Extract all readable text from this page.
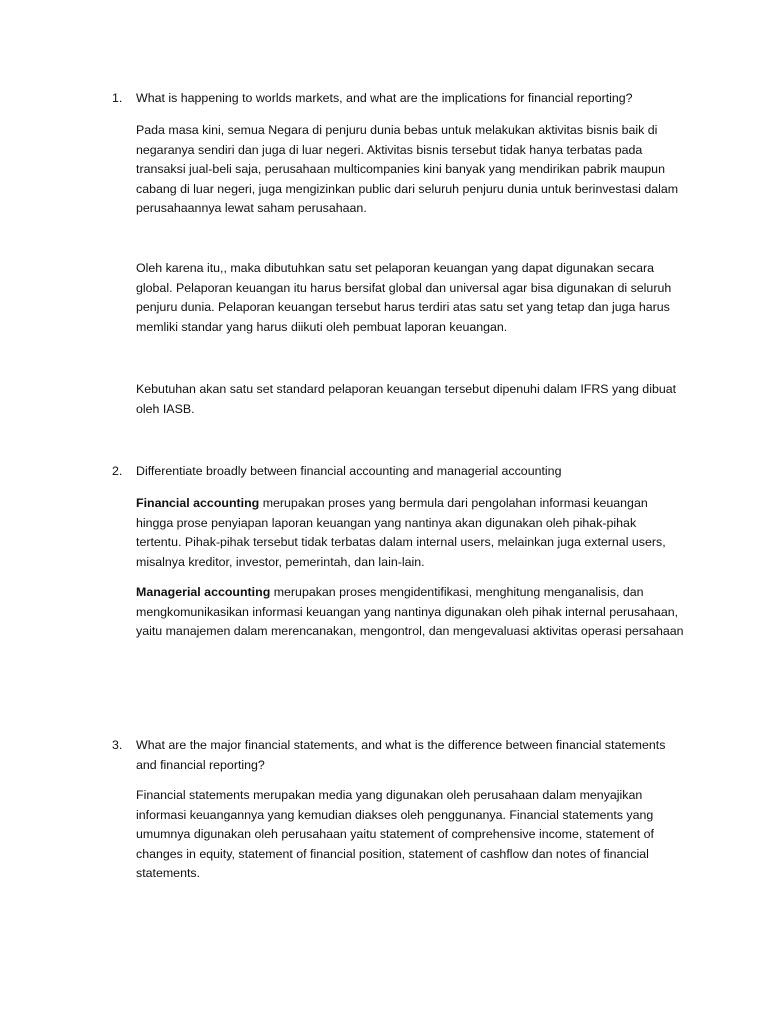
1. What is happening to worlds markets, and what are the implications for financial reporting?

Pada masa kini, semua Negara di penjuru dunia bebas untuk melakukan aktivitas bisnis baik di negaranya sendiri dan juga di luar negeri. Aktivitas bisnis tersebut tidak hanya terbatas pada transaksi jual-beli saja, perusahaan multicompanies kini banyak yang mendirikan pabrik maupun cabang di luar negeri, juga mengizinkan public dari seluruh penjuru dunia untuk berinvestasi dalam perusahaannya lewat saham perusahaan.

Oleh karena itu,, maka dibutuhkan satu set pelaporan keuangan yang dapat digunakan secara global. Pelaporan keuangan itu harus bersifat global dan universal agar bisa digunakan di seluruh penjuru dunia. Pelaporan keuangan tersebut harus terdiri atas satu set yang tetap dan juga harus memliki standar yang harus diikuti oleh pembuat laporan keuangan.

Kebutuhan akan satu set standard pelaporan keuangan tersebut dipenuhi dalam IFRS yang dibuat oleh IASB.

2. Differentiate broadly between financial accounting and managerial accounting

Financial accounting merupakan proses yang bermula dari pengolahan informasi keuangan hingga prose penyiapan laporan keuangan yang nantinya akan digunakan oleh pihak-pihak tertentu. Pihak-pihak tersebut tidak terbatas dalam internal users, melainkan juga external users, misalnya kreditor, investor, pemerintah, dan lain-lain.

Managerial accounting merupakan proses mengidentifikasi, menghitung menganalisis, dan mengkomunikasikan informasi keuangan yang nantinya digunakan oleh pihak internal perusahaan, yaitu manajemen dalam merencanakan, mengontrol, dan mengevaluasi aktivitas operasi persahaan

3. What are the major financial statements, and what is the difference between financial statements and financial reporting?

Financial statements merupakan media yang digunakan oleh perusahaan dalam menyajikan informasi keuangannya yang kemudian diakses oleh penggunanya. Financial statements yang umumnya digunakan oleh perusahaan yaitu statement of comprehensive income, statement of changes in equity, statement of financial position, statement of cashflow dan notes of financial statements.
